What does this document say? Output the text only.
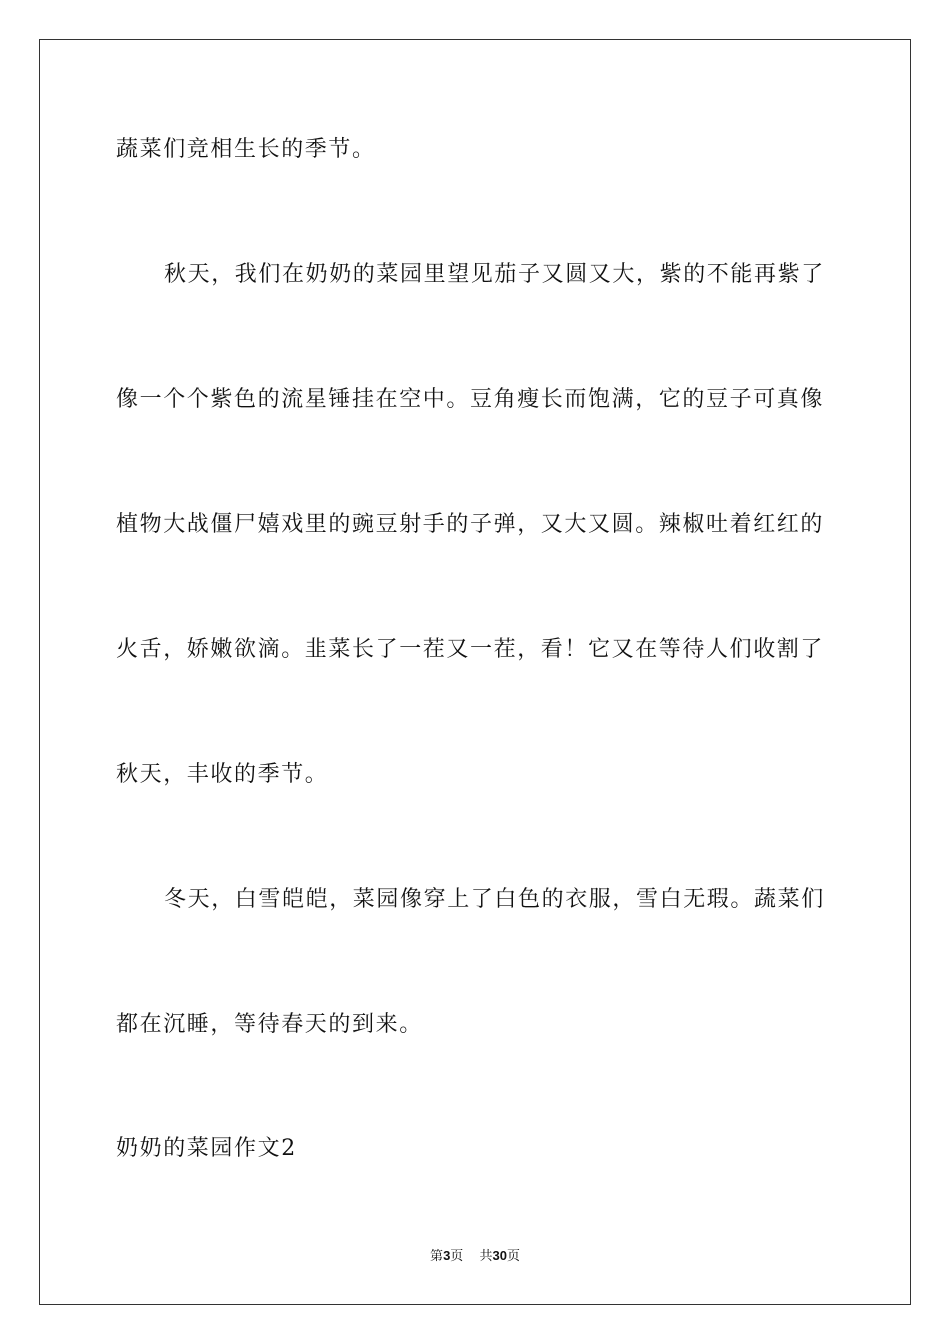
蔬菜们竞相生长的季节。
秋天，我们在奶奶的菜园里望见茄子又圆又大，紫的不能再紫了
像一个个紫色的流星锤挂在空中。豆角瘦长而饱满，它的豆子可真像
植物大战僵尸嬉戏里的豌豆射手的子弹，又大又圆。辣椒吐着红红的
火舌，娇嫩欲滴。韭菜长了一茬又一茬，看！它又在等待人们收割了
秋天，丰收的季节。
冬天，白雪皑皑，菜园像穿上了白色的衣服，雪白无瑕。蔬菜们
都在沉睡，等待春天的到来。
奶奶的菜园作文2
第3页 共30页
